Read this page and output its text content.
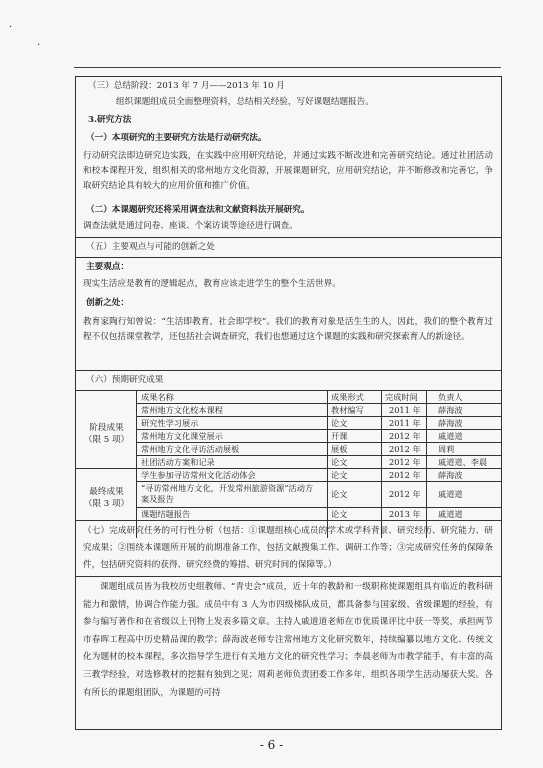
·
·
（三）总结阶段：2013 年 7 月——2013 年 10 月
组织课题组成员全面整理资料，总结相关经验，写好课题结题报告。
3.研究方法
（一）本项研究的主要研究方法是行动研究法。
行动研究法即边研究边实践，在实践中应用研究结论，并通过实践不断改进和完善研究结论。通过社团活动和校本课程开发，组织相关的常州地方文化资源，开展课题研究，应用研究结论，并不断修改和完善它，争取研究结论具有较大的应用价值和推广价值。
（二）本课题研究还将采用调查法和文献资料法开展研究。
调查法就是通过问卷、座谈、个案访谈等途径进行调查。
（五）主要观点与可能的创新之处
主要观点：
现实生活应是教育的逻辑起点，教育应该走进学生的整个生活世界。
创新之处：
教育家陶行知曾说：“生活即教育，社会即学校”。我们的教育对象是活生生的人，因此，我们的整个教育过程不仅包括课堂教学，还包括社会调查研究，我们也想通过这个课题的实践和研究探索育人的新途径。
（六）预期研究成果
成果名称	成果形式	完成时间 负责人
阶段成果
（限 5 项）
常州地方文化校本课程	教材编写	2011 年 薛海波
研究性学习展示	论文	2011 年 薛海波
常州地方文化课堂展示	开课	2012 年 戚道道
常州地方文化寻访活动展板	展板	2012 年 周莉
社团活动方案和记录	论文	2012 年 戚道道、李晨
最终成果
（限 3 项）
学生参加寻访常州文化活动体会	论文	2012 年 薛海波
“寻访常州地方文化，开发常州旅游资源”活动方案及报告	论文	2012 年 戚道道
课题结题报告	论文	2013 年 戚道道
（七）完成研究任务的可行性分析（包括：①课题组核心成员的学术或学科背景、研究经历、研究能力、研究成果；②围绕本课题所开展的前期准备工作，包括文献搜集工作、调研工作等；③完成研究任务的保障条件，包括研究资料的获得、研究经费的筹措、研究时间的保障等。）
课题组成员皆为我校历史组教师、“青史会”成员，近十年的教龄和一级职称使课题组具有临近的教科研能力和激情，协调合作能力强。成员中有 3 人为市四级梯队成员，都具备参与国家级、省级课题的经验，有参与编写著作和在省级以上刊物上发表多篇文章。主持人戚道道老师在市优质课评比中获一等奖，承担两节市春晖工程高中历史精品课的教学；薛海波老师专注常州地方文化研究数年，持续编纂以地方文化、传统文化为题材的校本课程，多次指导学生进行有关地方文化的研究性学习；李晨老师为市教学能手，有丰富的高三教学经验，对选修教材的挖掘有独到之见；周莉老师负责团委工作多年，组织各项学生活动屡获大奖。各有所长的课题组团队，为课题的可持
- 6 -
